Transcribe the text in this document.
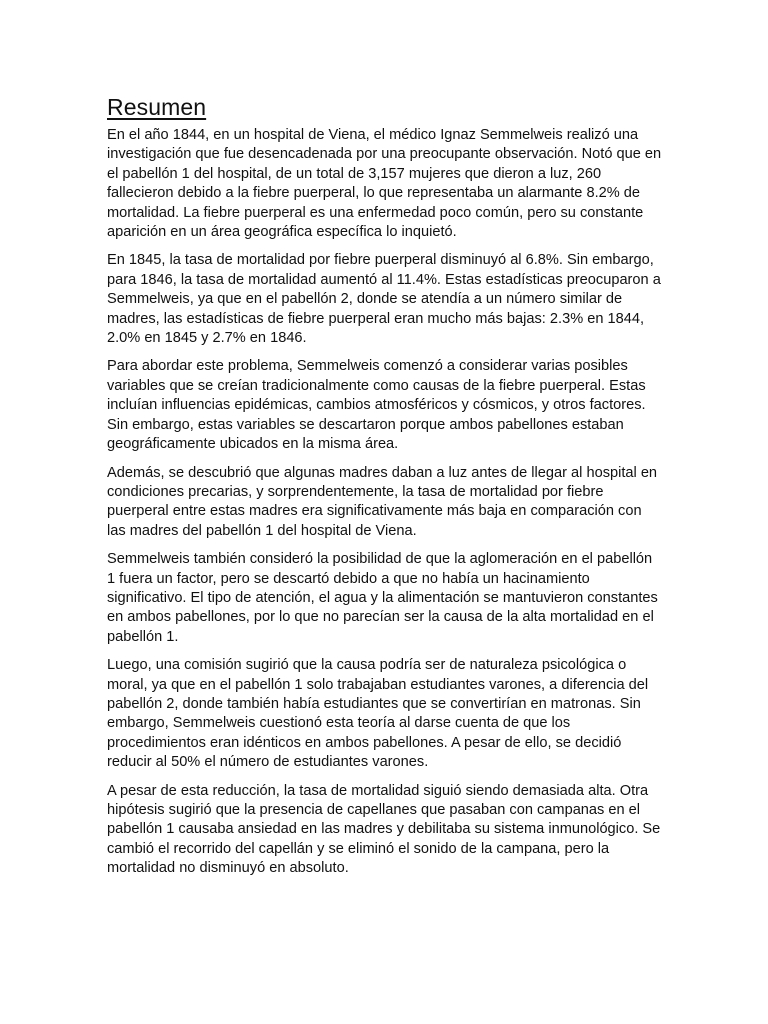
Resumen

En el año 1844, en un hospital de Viena, el médico Ignaz Semmelweis realizó una investigación que fue desencadenada por una preocupante observación. Notó que en el pabellón 1 del hospital, de un total de 3,157 mujeres que dieron a luz, 260 fallecieron debido a la fiebre puerperal, lo que representaba un alarmante 8.2% de mortalidad. La fiebre puerperal es una enfermedad poco común, pero su constante aparición en un área geográfica específica lo inquietó.

En 1845, la tasa de mortalidad por fiebre puerperal disminuyó al 6.8%. Sin embargo, para 1846, la tasa de mortalidad aumentó al 11.4%. Estas estadísticas preocuparon a Semmelweis, ya que en el pabellón 2, donde se atendía a un número similar de madres, las estadísticas de fiebre puerperal eran mucho más bajas: 2.3% en 1844, 2.0% en 1845 y 2.7% en 1846.

Para abordar este problema, Semmelweis comenzó a considerar varias posibles variables que se creían tradicionalmente como causas de la fiebre puerperal. Estas incluían influencias epidémicas, cambios atmosféricos y cósmicos, y otros factores. Sin embargo, estas variables se descartaron porque ambos pabellones estaban geográficamente ubicados en la misma área.

Además, se descubrió que algunas madres daban a luz antes de llegar al hospital en condiciones precarias, y sorprendentemente, la tasa de mortalidad por fiebre puerperal entre estas madres era significativamente más baja en comparación con las madres del pabellón 1 del hospital de Viena.

Semmelweis también consideró la posibilidad de que la aglomeración en el pabellón 1 fuera un factor, pero se descartó debido a que no había un hacinamiento significativo. El tipo de atención, el agua y la alimentación se mantuvieron constantes en ambos pabellones, por lo que no parecían ser la causa de la alta mortalidad en el pabellón 1.

Luego, una comisión sugirió que la causa podría ser de naturaleza psicológica o moral, ya que en el pabellón 1 solo trabajaban estudiantes varones, a diferencia del pabellón 2, donde también había estudiantes que se convertirían en matronas. Sin embargo, Semmelweis cuestionó esta teoría al darse cuenta de que los procedimientos eran idénticos en ambos pabellones. A pesar de ello, se decidió reducir al 50% el número de estudiantes varones.

A pesar de esta reducción, la tasa de mortalidad siguió siendo demasiada alta. Otra hipótesis sugirió que la presencia de capellanes que pasaban con campanas en el pabellón 1 causaba ansiedad en las madres y debilitaba su sistema inmunológico. Se cambió el recorrido del capellán y se eliminó el sonido de la campana, pero la mortalidad no disminuyó en absoluto.
